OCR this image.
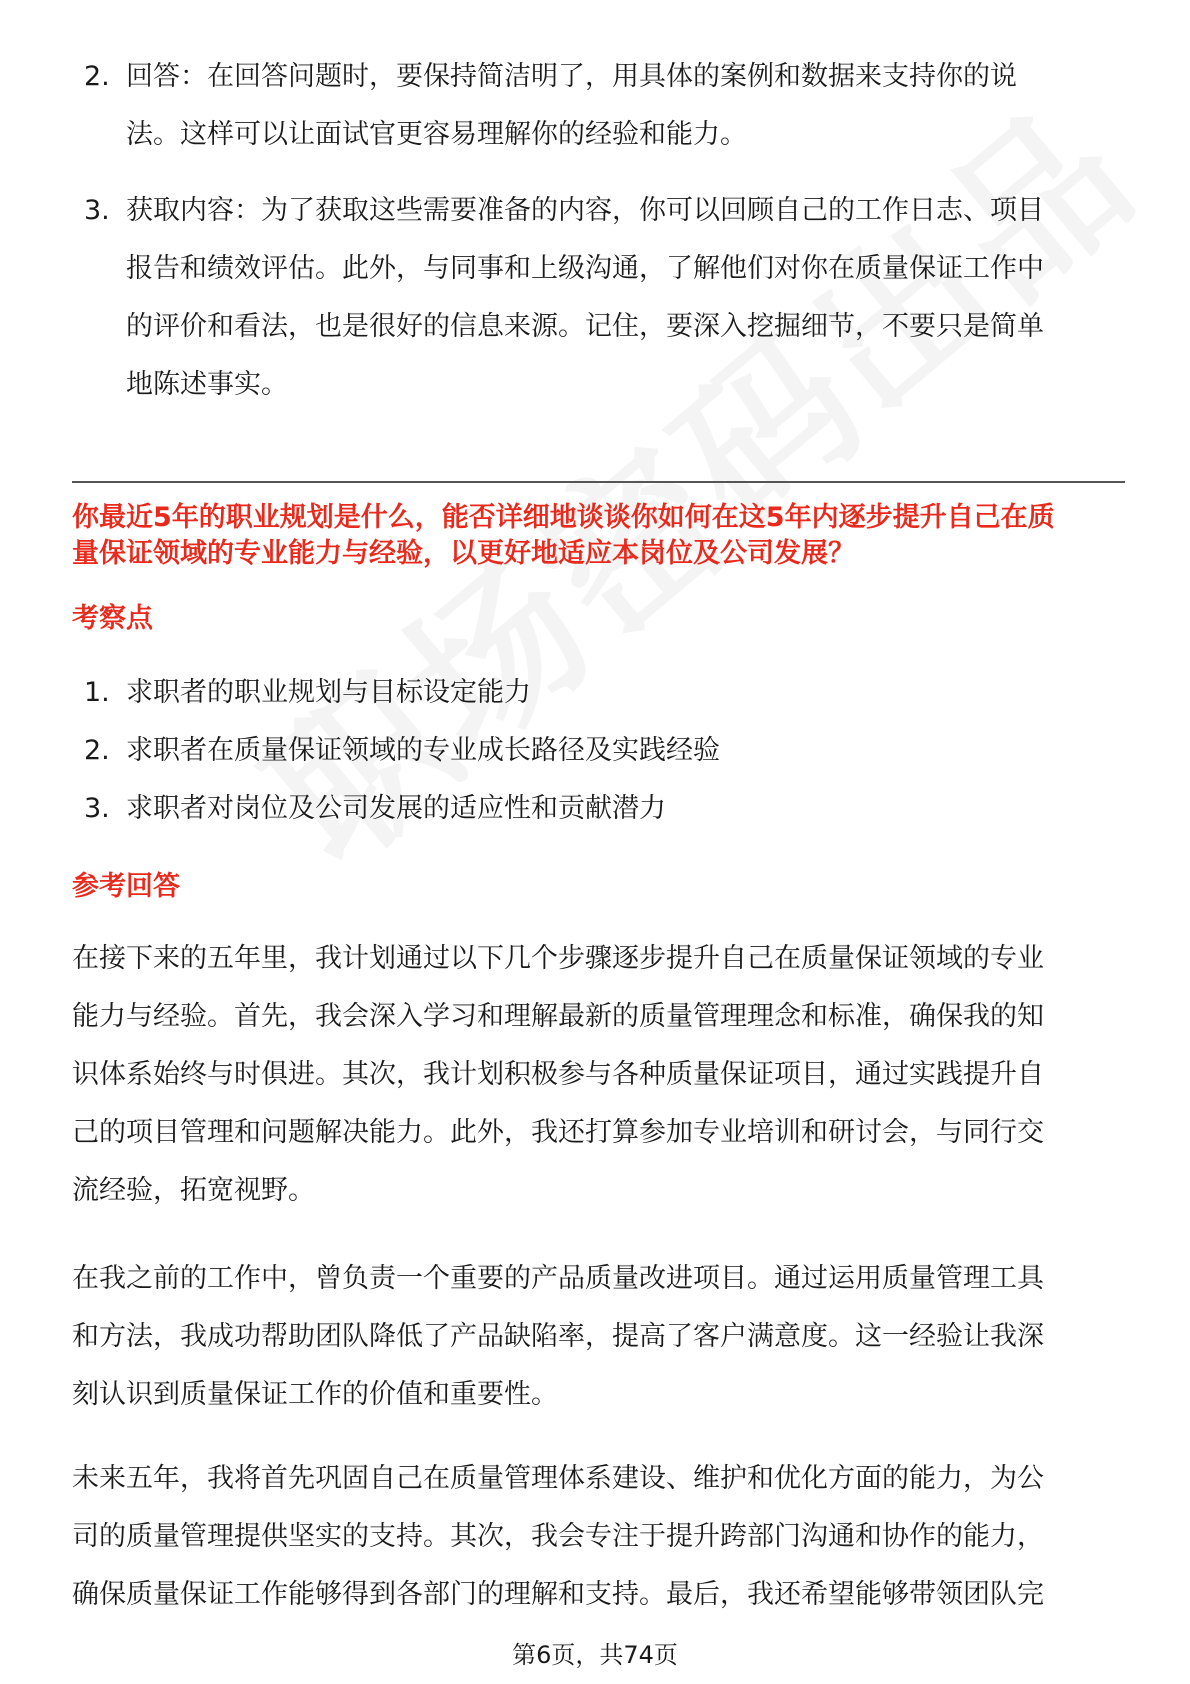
2. 回答：在回答问题时，要保持简洁明了，用具体的案例和数据来支持你的说
法。这样可以让面试官更容易理解你的经验和能力。
3. 获取内容：为了获取这些需要准备的内容，你可以回顾自己的工作日志、项目
报告和绩效评估。此外，与同事和上级沟通，了解他们对你在质量保证工作中
的评价和看法，也是很好的信息来源。记住，要深入挖掘细节，不要只是简单
地陈述事实。
你最近5年的职业规划是什么，能否详细地谈谈你如何在这5年内逐步提升自己在质
量保证领域的专业能力与经验，以更好地适应本岗位及公司发展？
考察点
1. 求职者的职业规划与目标设定能力
2. 求职者在质量保证领域的专业成长路径及实践经验
3. 求职者对岗位及公司发展的适应性和贡献潜力
参考回答
在接下来的五年里，我计划通过以下几个步骤逐步提升自己在质量保证领域的专业
能力与经验。首先，我会深入学习和理解最新的质量管理理念和标准，确保我的知
识体系始终与时俱进。其次，我计划积极参与各种质量保证项目，通过实践提升自
己的项目管理和问题解决能力。此外，我还打算参加专业培训和研讨会，与同行交
流经验，拓宽视野。
在我之前的工作中，曾负责一个重要的产品质量改进项目。通过运用质量管理工具
和方法，我成功帮助团队降低了产品缺陷率，提高了客户满意度。这一经验让我深
刻认识到质量保证工作的价值和重要性。
未来五年，我将首先巩固自己在质量管理体系建设、维护和优化方面的能力，为公
司的质量管理提供坚实的支持。其次，我会专注于提升跨部门沟通和协作的能力，
确保质量保证工作能够得到各部门的理解和支持。最后，我还希望能够带领团队完
第6页，共74页
